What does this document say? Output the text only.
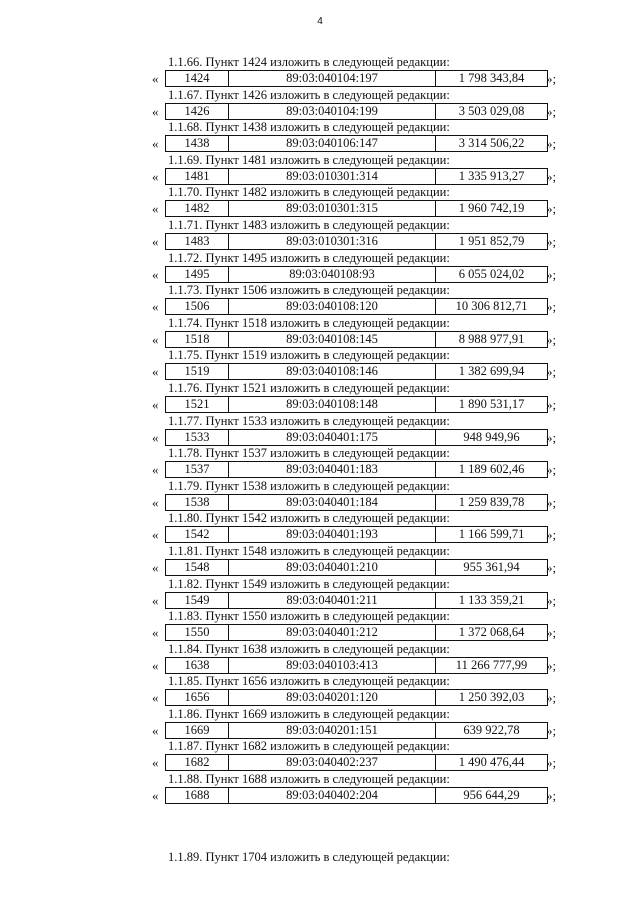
4
1.1.66. Пункт 1424 изложить в следующей редакции:
«	1424	89:03:040104:197	1 798 343,84	»;
1.1.67. Пункт 1426 изложить в следующей редакции:
«	1426	89:03:040104:199	3 503 029,08	»;
1.1.68. Пункт 1438 изложить в следующей редакции:
«	1438	89:03:040106:147	3 314 506,22	»;
1.1.69. Пункт 1481 изложить в следующей редакции:
«	1481	89:03:010301:314	1 335 913,27	»;
1.1.70. Пункт 1482 изложить в следующей редакции:
«	1482	89:03:010301:315	1 960 742,19	»;
1.1.71. Пункт 1483 изложить в следующей редакции:
«	1483	89:03:010301:316	1 951 852,79	»;
1.1.72. Пункт 1495 изложить в следующей редакции:
«	1495	89:03:040108:93	6 055 024,02	»;
1.1.73. Пункт 1506 изложить в следующей редакции:
«	1506	89:03:040108:120	10 306 812,71	»;
1.1.74. Пункт 1518 изложить в следующей редакции:
«	1518	89:03:040108:145	8 988 977,91	»;
1.1.75. Пункт 1519 изложить в следующей редакции:
«	1519	89:03:040108:146	1 382 699,94	»;
1.1.76. Пункт 1521 изложить в следующей редакции:
«	1521	89:03:040108:148	1 890 531,17	»;
1.1.77. Пункт 1533 изложить в следующей редакции:
«	1533	89:03:040401:175	948 949,96	»;
1.1.78. Пункт 1537 изложить в следующей редакции:
«	1537	89:03:040401:183	1 189 602,46	»;
1.1.79. Пункт 1538 изложить в следующей редакции:
«	1538	89:03:040401:184	1 259 839,78	»;
1.1.80. Пункт 1542 изложить в следующей редакции:
«	1542	89:03:040401:193	1 166 599,71	»;
1.1.81. Пункт 1548 изложить в следующей редакции:
«	1548	89:03:040401:210	955 361,94	»;
1.1.82. Пункт 1549 изложить в следующей редакции:
«	1549	89:03:040401:211	1 133 359,21	»;
1.1.83. Пункт 1550 изложить в следующей редакции:
«	1550	89:03:040401:212	1 372 068,64	»;
1.1.84. Пункт 1638 изложить в следующей редакции:
«	1638	89:03:040103:413	11 266 777,99	»;
1.1.85. Пункт 1656 изложить в следующей редакции:
«	1656	89:03:040201:120	1 250 392,03	»;
1.1.86. Пункт 1669 изложить в следующей редакции:
«	1669	89:03:040201:151	639 922,78	»;
1.1.87. Пункт 1682 изложить в следующей редакции:
«	1682	89:03:040402:237	1 490 476,44	»;
1.1.88. Пункт 1688 изложить в следующей редакции:
«	1688	89:03:040402:204	956 644,29	»;
1.1.89. Пункт 1704 изложить в следующей редакции:
